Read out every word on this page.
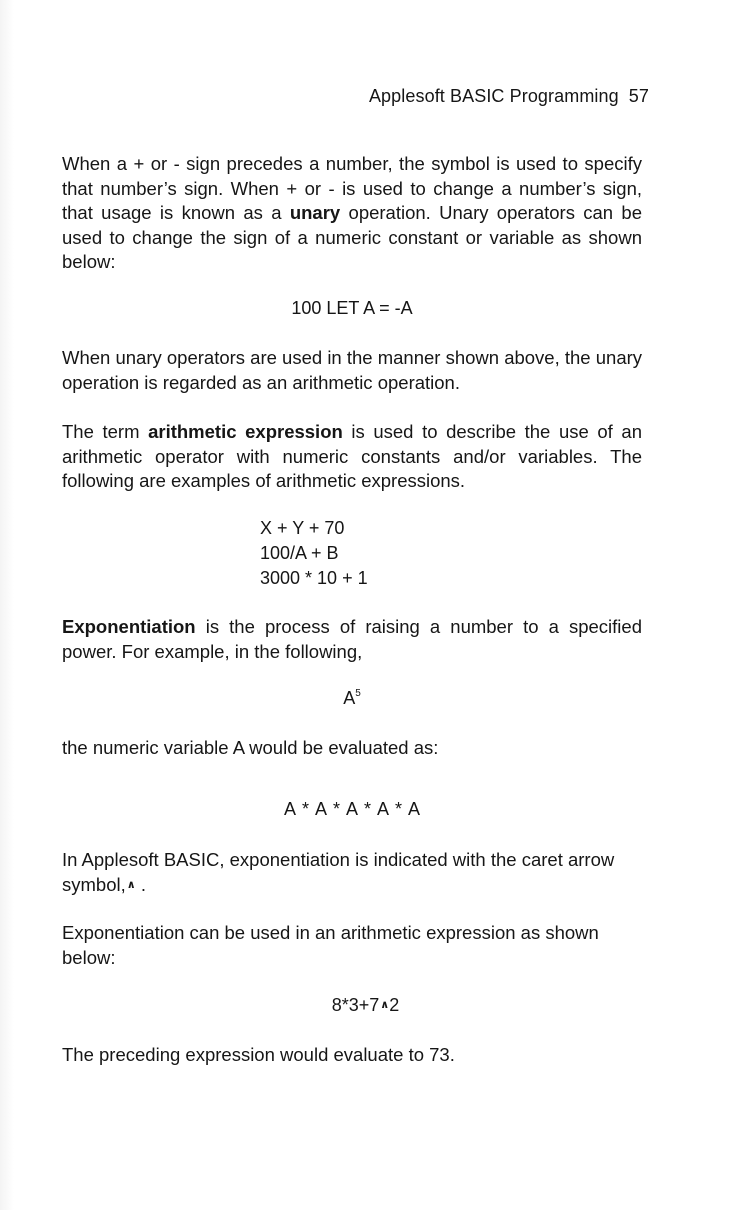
Applesoft BASIC Programming 57

When a + or - sign precedes a number, the symbol is used to specify that number’s sign. When + or - is used to change a number’s sign, that usage is known as a unary operation. Unary operators can be used to change the sign of a numeric constant or variable as shown below:

100 LET A = -A

When unary operators are used in the manner shown above, the unary operation is regarded as an arithmetic operation.

The term arithmetic expression is used to describe the use of an arithmetic operator with numeric constants and/or variables. The following are examples of arithmetic expressions.

X + Y + 70
100/A + B
3000 * 10 + 1

Exponentiation is the process of raising a number to a specified power. For example, in the following,

$A^5$

the numeric variable A would be evaluated as:

A * A * A * A * A

In Applesoft BASIC, exponentiation is indicated with the caret arrow symbol,∧ .

Exponentiation can be used in an arithmetic expression as shown below:

8*3+7∧2

The preceding expression would evaluate to 73.
